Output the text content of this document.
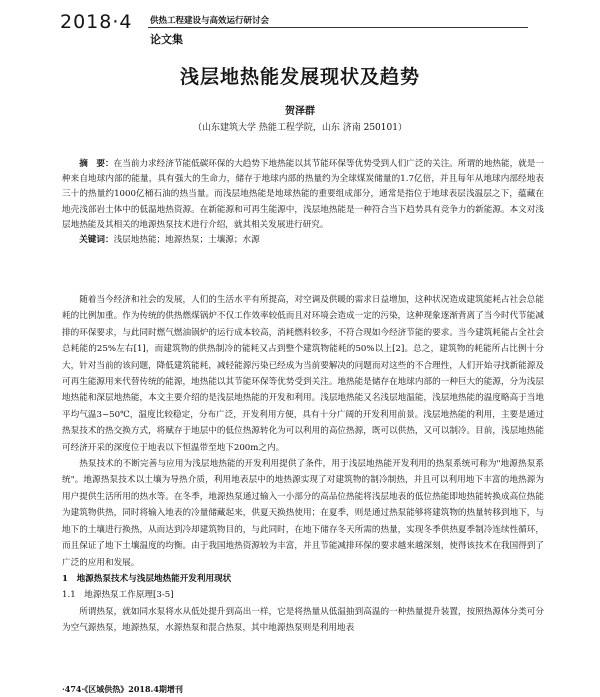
2018·4 供热工程建设与高效运行研讨会
论文集
浅层地热能发展现状及趋势
贺泽群
（山东建筑大学 热能工程学院，山东 济南 250101）

摘　要：在当前力求经济节能低碳环保的大趋势下地热能以其节能环保等优势受到人们广泛的关注。所谓的地热能，就是一种来自地球内部的能量，具有强大的生命力，储存于地球内部的热量约为全球煤炭储量的1.7亿倍，并且每年从地球内部经地表三十的热量约1000亿桶石油的热当量。而浅层地热能是地球热能的重要组成部分，通常是指位于地球表层浅温层之下，蕴藏在地壳浅部岩土体中的低温地热资源。在新能源和可再生能源中，浅层地热能是一种符合当下趋势具有竞争力的新能源。本文对浅层地热能及其相关的地源热泵技术进行介绍，就其相关发展进行研究。

关键词：浅层地热能；地源热泵；土壤源；水源

随着当今经济和社会的发展，人们的生活水平有所提高，对空调及供暖的需求日益增加，这种状况造成建筑能耗占社会总能耗的比例加重。作为传统的供热燃煤锅炉不仅工作效率较低而且对环境会造成一定的污染，这种现象逐渐背离了当今时代节能减排的环保要求，与此同时燃气燃油锅炉的运行成本较高，消耗燃料较多，不符合现如今经济节能的要求。当今建筑耗能占全社会总耗能的25%左右[1]，而建筑物的供热制冷的能耗又占到整个建筑物能耗的50%以上[2]。总之，建筑物的耗能所占比例十分大，针对当前的该问题，降低建筑能耗，减轻能源污染已经成为当前要解决的问题而对这些的不合理性，人们开始寻找新能源及可再生能源用来代替传统的能源，地热能以其节能环保等优势受到关注。地热能是储存在地球内部的一种巨大的能源，分为浅层地热能和深层地热能，本文主要介绍的是浅层地热能的开发和利用。浅层地热能又名浅层地温能，浅层地热能的温度略高于当地平均气温3~50℃，温度比较稳定，分布广泛，开发利用方便，具有十分广阔的开发利用前景。浅层地热能的利用，主要是通过热泵技术的热交换方式，将赋存于地层中的低位热源转化为可以利用的高位热源，既可以供热，又可以制冷。目前，浅层地热能可经济开采的深度位于地表以下恒温带至地下200m之内。

热泵技术的不断完善与应用为浅层地热能的开发利用提供了条件，用于浅层地热能开发利用的热泵系统可称为"地源热泵系统"。地源热泵技术以土壤为导热介质，利用地表层中的地热源实现了对建筑物的制冷制热，并且可以利用地下丰富的地热源为用户提供生活所用的热水等。在冬季，地源热泵通过输入一小部分的高品位热能将浅层地表的低位热能即地热能转换成高位热能为建筑物供热，同时将输入地表的冷量储藏起来，供夏天换热使用；在夏季，则是通过热泵能够将建筑物的热量转移到地下，与地下的土壤进行换热，从而达到冷却建筑物目的，与此同时，在地下储存冬天所需的热量，实现冬季供热夏季制冷连续性循环，而且保证了地下土壤温度的均衡。由于我国地热资源较为丰富，并且节能减排环保的要求越来越深刻，使得该技术在我国得到了广泛的应用和发展。

1　地源热泵技术与浅层地热能开发利用现状

1.1　地源热泵工作原理[3-5]

所谓热泵，就如同水泵将水从低处提升到高出一样，它是将热量从低温抽到高温的一种热量提升装置，按照热源体分类可分为空气源热泵，地源热泵，水源热泵和混合热泵，其中地源热泵则是利用地表

·474·《区域供热》2018.4期增刊
